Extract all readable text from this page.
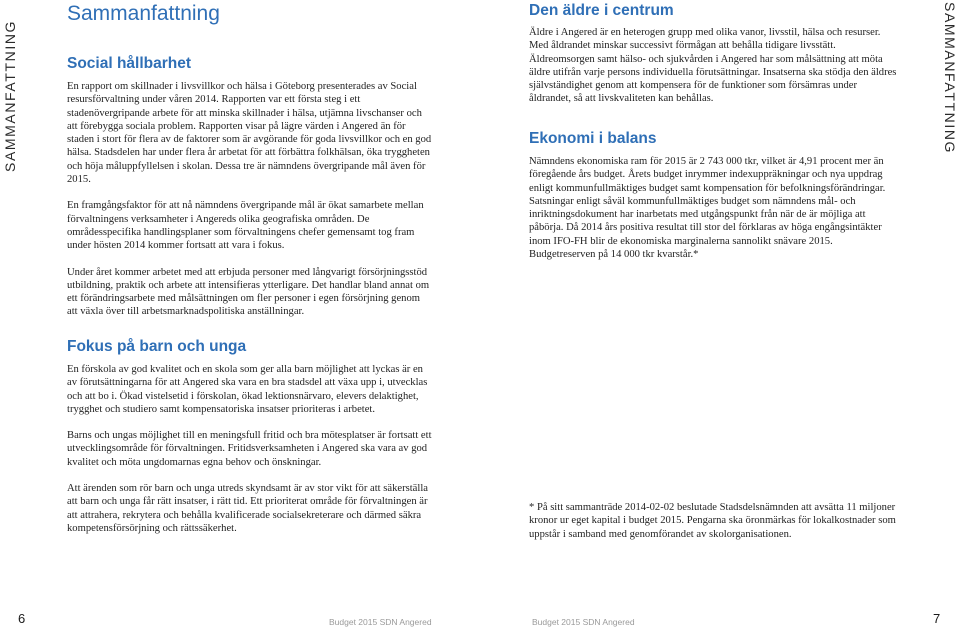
SAMMANFATTNING	SAMMANFATTNING
Sammanfattning
Social hållbarhet

En rapport om skillnader i livsvillkor och hälsa i Göteborg presenterades av Social resursförvaltning under våren 2014. Rapporten var ett första steg i ett stadenövergripande arbete för att minska skillnader i hälsa, utjämna livschanser och att förebygga sociala problem. Rapporten visar på lägre värden i Angered än för staden i stort för flera av de faktorer som är avgörande för goda livsvillkor och en god hälsa. Stadsdelen har under flera år arbetat för att förbättra folkhälsan, öka tryggheten och höja måluppfyllelsen i skolan. Dessa tre är nämndens övergripande mål även för 2015.

En framgångsfaktor för att nå nämndens övergripande mål är ökat samarbete mellan förvaltningens verksamheter i Angereds olika geografiska områden. De områdesspecifika handlingsplaner som förvaltningens chefer gemensamt tog fram under hösten 2014 kommer fortsatt att vara i fokus.

Under året kommer arbetet med att erbjuda personer med långvarigt försörjningsstöd utbildning, praktik och arbete att intensifieras ytterligare. Det handlar bland annat om ett förändringsarbete med målsättningen om fler personer i egen försörjning genom att växla över till arbetsmarknadspolitiska anställningar.

Fokus på barn och unga

En förskola av god kvalitet och en skola som ger alla barn möjlighet att lyckas är en av förutsättningarna för att Angered ska vara en bra stadsdel att växa upp i, utvecklas och att bo i. Ökad vistelsetid i förskolan, ökad lektionsnärvaro, elevers delaktighet, trygghet och studiero samt kompensatoriska insatser prioriteras i arbetet.

Barns och ungas möjlighet till en meningsfull fritid och bra mötesplatser är fortsatt ett utvecklingsområde för förvaltningen. Fritidsverksamheten i Angered ska vara av god kvalitet och möta ungdomarnas egna behov och önskningar.

Att ärenden som rör barn och unga utreds skyndsamt är av stor vikt för att säkerställa att barn och unga får rätt insatser, i rätt tid. Ett prioriterat område för förvaltningen är att attrahera, rekrytera och behålla kvalificerade socialsekreterare och därmed säkra kompetensförsörjning och rättssäkerhet.

Den äldre i centrum

Äldre i Angered är en heterogen grupp med olika vanor, livsstil, hälsa och resurser. Med åldrandet minskar successivt förmågan att behålla tidigare livsstätt. Äldreomsorgen samt hälso- och sjukvården i Angered har som målsättning att möta äldre utifrån varje persons individuella förutsättningar. Insatserna ska stödja den äldres självständighet genom att kompensera för de funktioner som försämras under åldrandet, så att livskvaliteten kan behållas.

Ekonomi i balans

Nämndens ekonomiska ram för 2015 är 2 743 000 tkr, vilket är 4,91 procent mer än föregående års budget. Årets budget inrymmer indexuppräkningar och nya uppdrag enligt kommunfullmäktiges budget samt kompensation för befolkningsförändringar. Satsningar enligt såväl kommunfullmäktiges budget som nämndens mål- och inriktningsdokument har inarbetats med utgångspunkt från när de är möjliga att påbörja. Då 2014 års positiva resultat till stor del förklaras av höga engångsintäkter inom IFO-FH blir de ekonomiska marginalerna sannolikt snävare 2015. Budgetreserven på 14 000 tkr kvarstår.*

* På sitt sammanträde 2014-02-02 beslutade Stadsdelsnämnden att avsätta 11 miljoner kronor ur eget kapital i budget 2015. Pengarna ska öronmärkas för lokalkostnader som uppstår i samband med genomförandet av skolorganisationen.

6	Budget 2015 SDN Angered	Budget 2015 SDN Angered	7
